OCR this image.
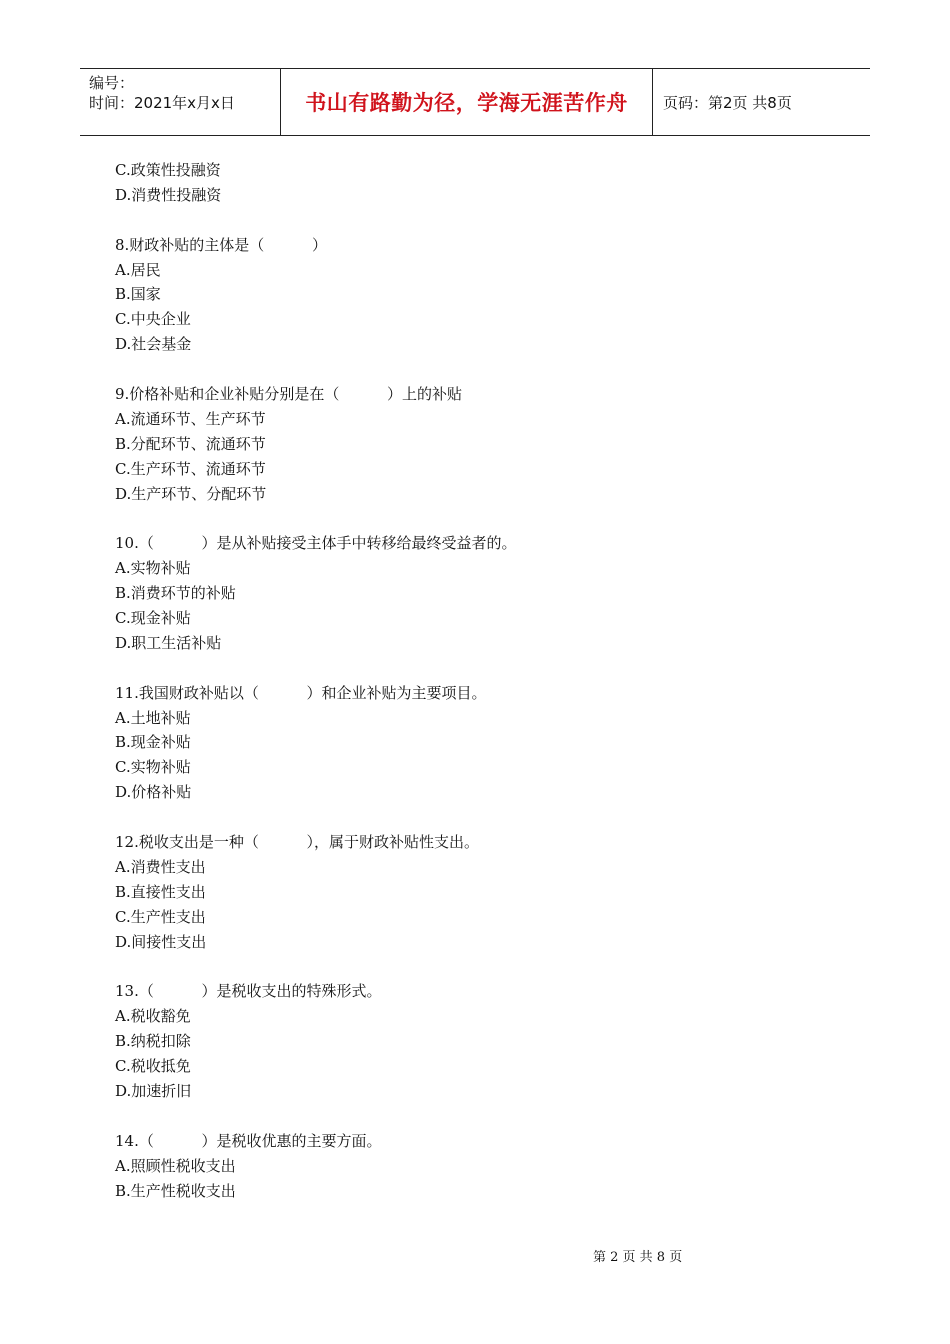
编号：
时间：2021年x月x日	书山有路勤为径，学海无涯苦作舟	页码：第2页 共8页
C.政策性投融资
D.消费性投融资
8.财政补贴的主体是（          ）
A.居民
B.国家
C.中央企业
D.社会基金
9.价格补贴和企业补贴分别是在（          ）上的补贴
A.流通环节、生产环节
B.分配环节、流通环节
C.生产环节、流通环节
D.生产环节、分配环节
10.（          ）是从补贴接受主体手中转移给最终受益者的。
A.实物补贴
B.消费环节的补贴
C.现金补贴
D.职工生活补贴
11.我国财政补贴以（          ）和企业补贴为主要项目。
A.土地补贴
B.现金补贴
C.实物补贴
D.价格补贴
12.税收支出是一种（          ），属于财政补贴性支出。
A.消费性支出
B.直接性支出
C.生产性支出
D.间接性支出
13.（          ）是税收支出的特殊形式。
A.税收豁免
B.纳税扣除
C.税收抵免
D.加速折旧
14.（          ）是税收优惠的主要方面。
A.照顾性税收支出
B.生产性税收支出
第 2 页 共 8 页
